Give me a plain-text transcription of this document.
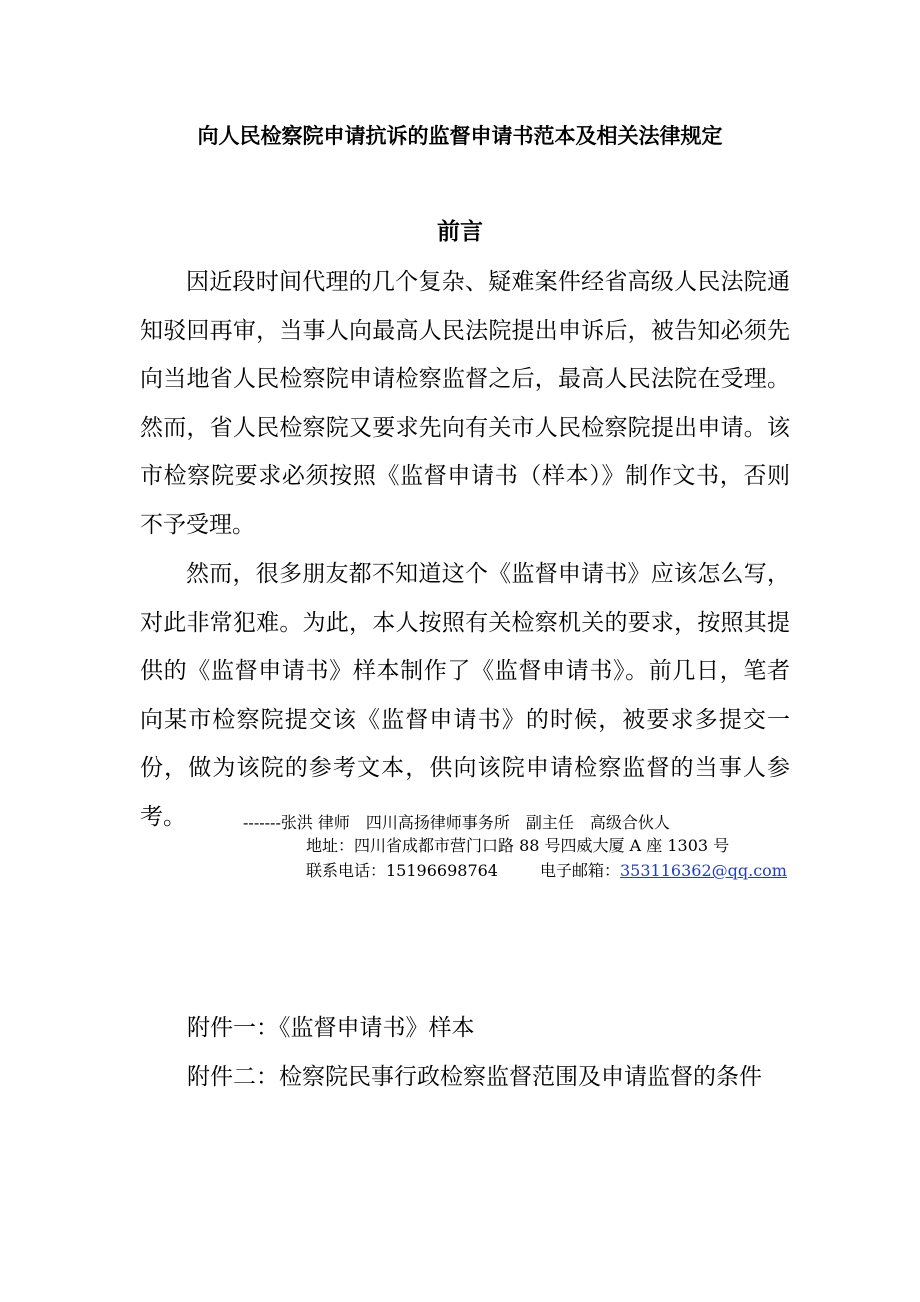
向人民检察院申请抗诉的监督申请书范本及相关法律规定
前言

因近段时间代理的几个复杂、疑难案件经省高级人民法院通知驳回再审，当事人向最高人民法院提出申诉后，被告知必须先向当地省人民检察院申请检察监督之后，最高人民法院在受理。然而，省人民检察院又要求先向有关市人民检察院提出申请。该市检察院要求必须按照《监督申请书（样本）》制作文书，否则不予受理。

然而，很多朋友都不知道这个《监督申请书》应该怎么写，对此非常犯难。为此，本人按照有关检察机关的要求，按照其提供的《监督申请书》样本制作了《监督申请书》。前几日，笔者向某市检察院提交该《监督申请书》的时候，被要求多提交一份，做为该院的参考文本，供向该院申请检察监督的当事人参考。	-------张洪 律师　四川高扬律师事务所　副主任　高级合伙人
地址：四川省成都市营门口路 88 号四威大厦 A 座 1303 号
联系电话：15196698764	电子邮箱：353116362@qq.com
附件一：《监督申请书》样本
附件二：检察院民事行政检察监督范围及申请监督的条件
